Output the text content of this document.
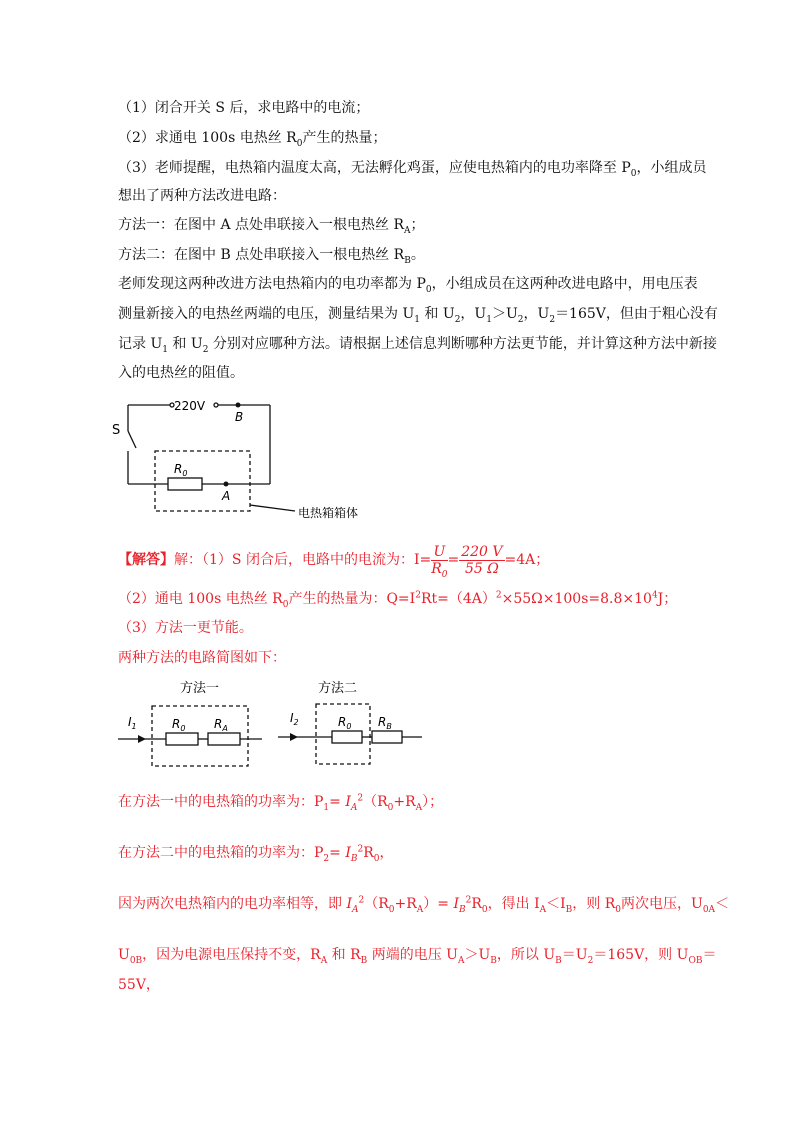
（1）闭合开关 S 后，求电路中的电流；
（2）求通电 100s 电热丝 $R_0$产生的热量；
（3）老师提醒，电热箱内温度太高，无法孵化鸡蛋，应使电热箱内的电功率降至 $P_0$，小组成员
想出了两种方法改进电路：
方法一：在图中 A 点处串联接入一根电热丝 $R_A$；
方法二：在图中 B 点处串联接入一根电热丝 $R_B$。
老师发现这两种改进方法电热箱内的电功率都为 $P_0$，小组成员在这两种改进电路中，用电压表
测量新接入的电热丝两端的电压，测量结果为 $U_1$ 和 $U_2$，$U_1>U_2$，$U_2=165V$，但由于粗心没有
记录 $U_1$ 和 $U_2$ 分别对应哪种方法。请根据上述信息判断哪种方法更节能，并计算这种方法中新接
入的电热丝的阻值。
220V
B
S
$R_0$
A
电热箱箱体
【解答】解：（1）S 闭合后，电路中的电流为：$I= \frac{U}{R_0} = \frac{220 V}{55 \Omega} =4A$；
（2）通电 100s 电热丝 $R_0$产生的热量为：$Q=I^2Rt=(4A)^2\times 55\Omega\times 100s=8.8\times 10^4J$；
（3）方法一更节能。
两种方法的电路简图如下：
方法一	方法二
$I_1$	$R_0$ $R_A$
$I_2$	$R_0$ $R_B$
在方法一中的电热箱的功率为：$P_1= I_A^2(R_0+R_A)$；
在方法二中的电热箱的功率为：$P_2= I_B^2R_0$，
因为两次电热箱内的电功率相等，即 $I_A^2(R_0+R_A)= I_B^2R_0$，得出 $I_A<I_B$，则 $R_0$两次电压，$U_{0A}<$
$U_{0B}$，因为电源电压保持不变，$R_A$ 和 $R_B$ 两端的电压 $U_A>U_B$，所以 $U_B=U_2=165V$，则 $U_{OB}=$
55V，
